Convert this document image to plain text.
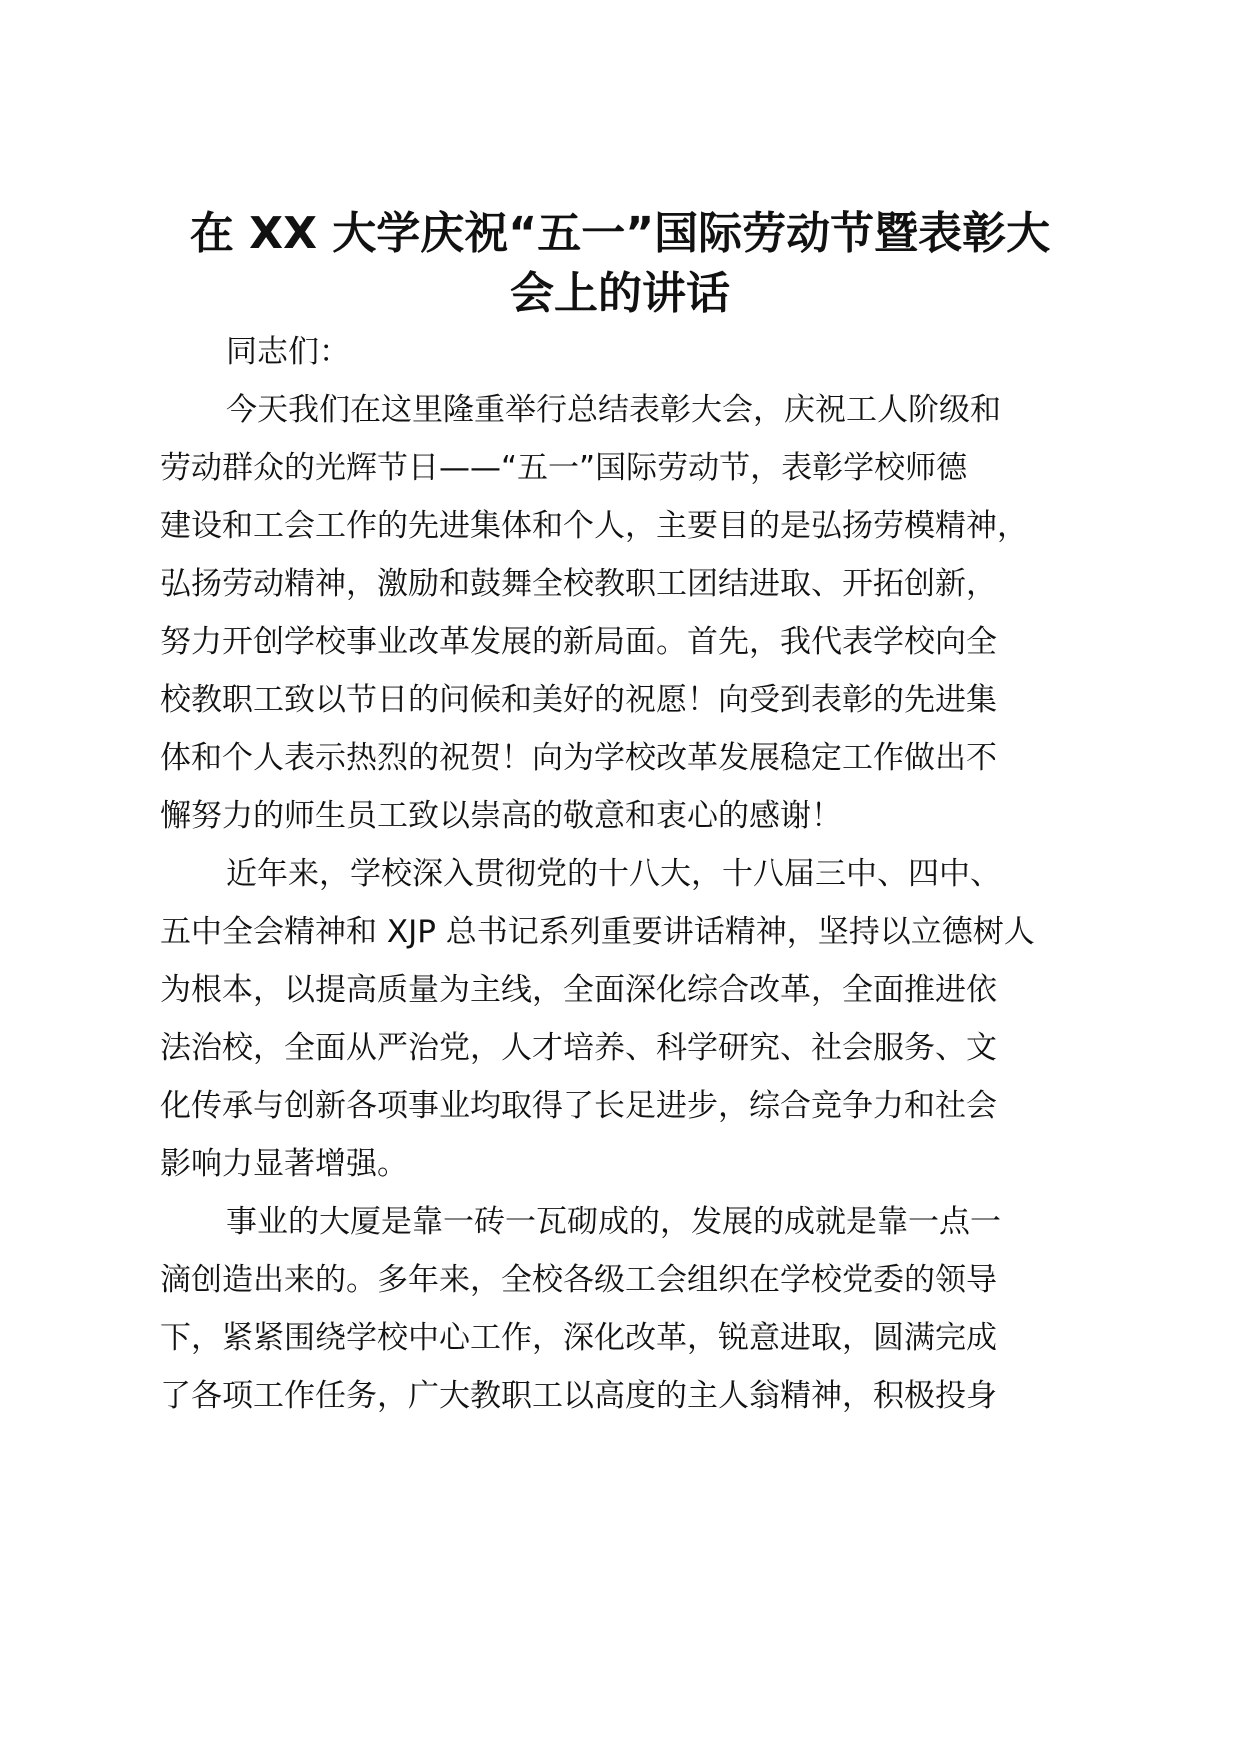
在 XX 大学庆祝“五一”国际劳动节暨表彰大
会上的讲话

同志们：

今天我们在这里隆重举行总结表彰大会，庆祝工人阶级和

劳动群众的光辉节日——“五一”国际劳动节，表彰学校师德

建设和工会工作的先进集体和个人，主要目的是弘扬劳模精神，

弘扬劳动精神，激励和鼓舞全校教职工团结进取、开拓创新，

努力开创学校事业改革发展的新局面。首先，我代表学校向全

校教职工致以节日的问候和美好的祝愿！向受到表彰的先进集

体和个人表示热烈的祝贺！向为学校改革发展稳定工作做出不

懈努力的师生员工致以崇高的敬意和衷心的感谢！

近年来，学校深入贯彻党的十八大，十八届三中、四中、

五中全会精神和 XJP 总书记系列重要讲话精神，坚持以立德树人

为根本，以提高质量为主线，全面深化综合改革，全面推进依

法治校，全面从严治党，人才培养、科学研究、社会服务、文

化传承与创新各项事业均取得了长足进步，综合竞争力和社会

影响力显著增强。

事业的大厦是靠一砖一瓦砌成的，发展的成就是靠一点一

滴创造出来的。多年来，全校各级工会组织在学校党委的领导

下，紧紧围绕学校中心工作，深化改革，锐意进取，圆满完成

了各项工作任务，广大教职工以高度的主人翁精神，积极投身
